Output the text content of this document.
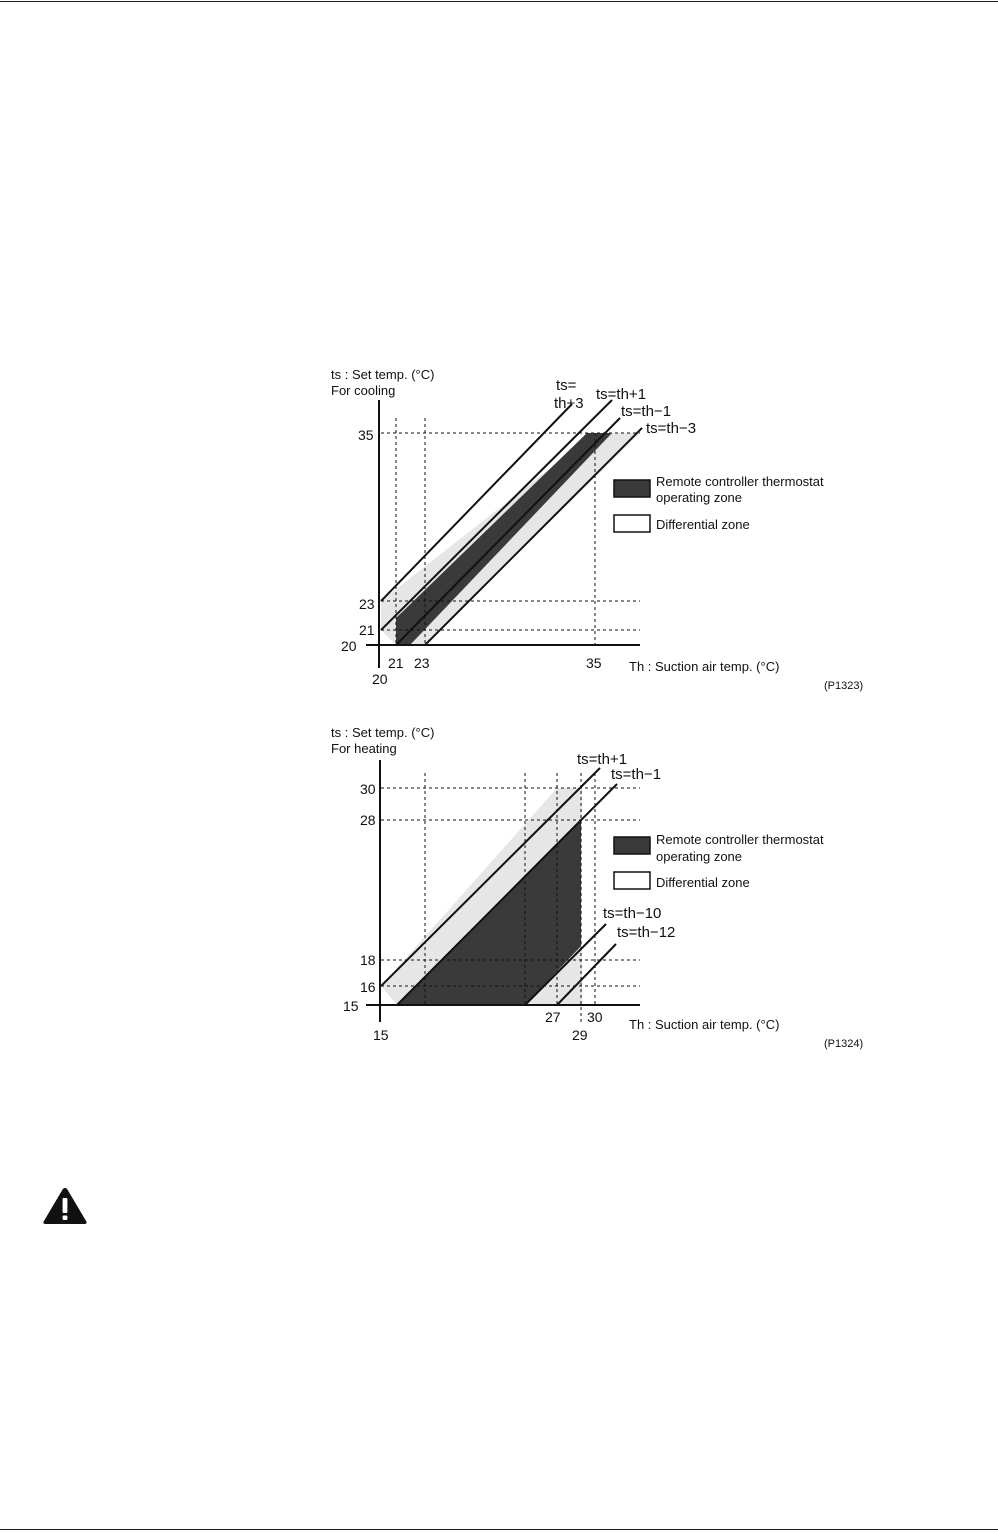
ts : Set temp. (°C)
For cooling
Th : Suction air temp. (°C)
(P1323)
35
23
21
20
21 23	35
20
ts=
th+3
ts=th+1
ts=th−1
ts=th−3
Remote controller thermostat
operating zone
Differential zone
ts : Set temp. (°C)
For heating
Th : Suction air temp. (°C)
(P1324)
30
28
18
16
15
27 30
15	29
ts=th+1
ts=th−1
ts=th−10
ts=th−12
Remote controller thermostat
operating zone
Differential zone
